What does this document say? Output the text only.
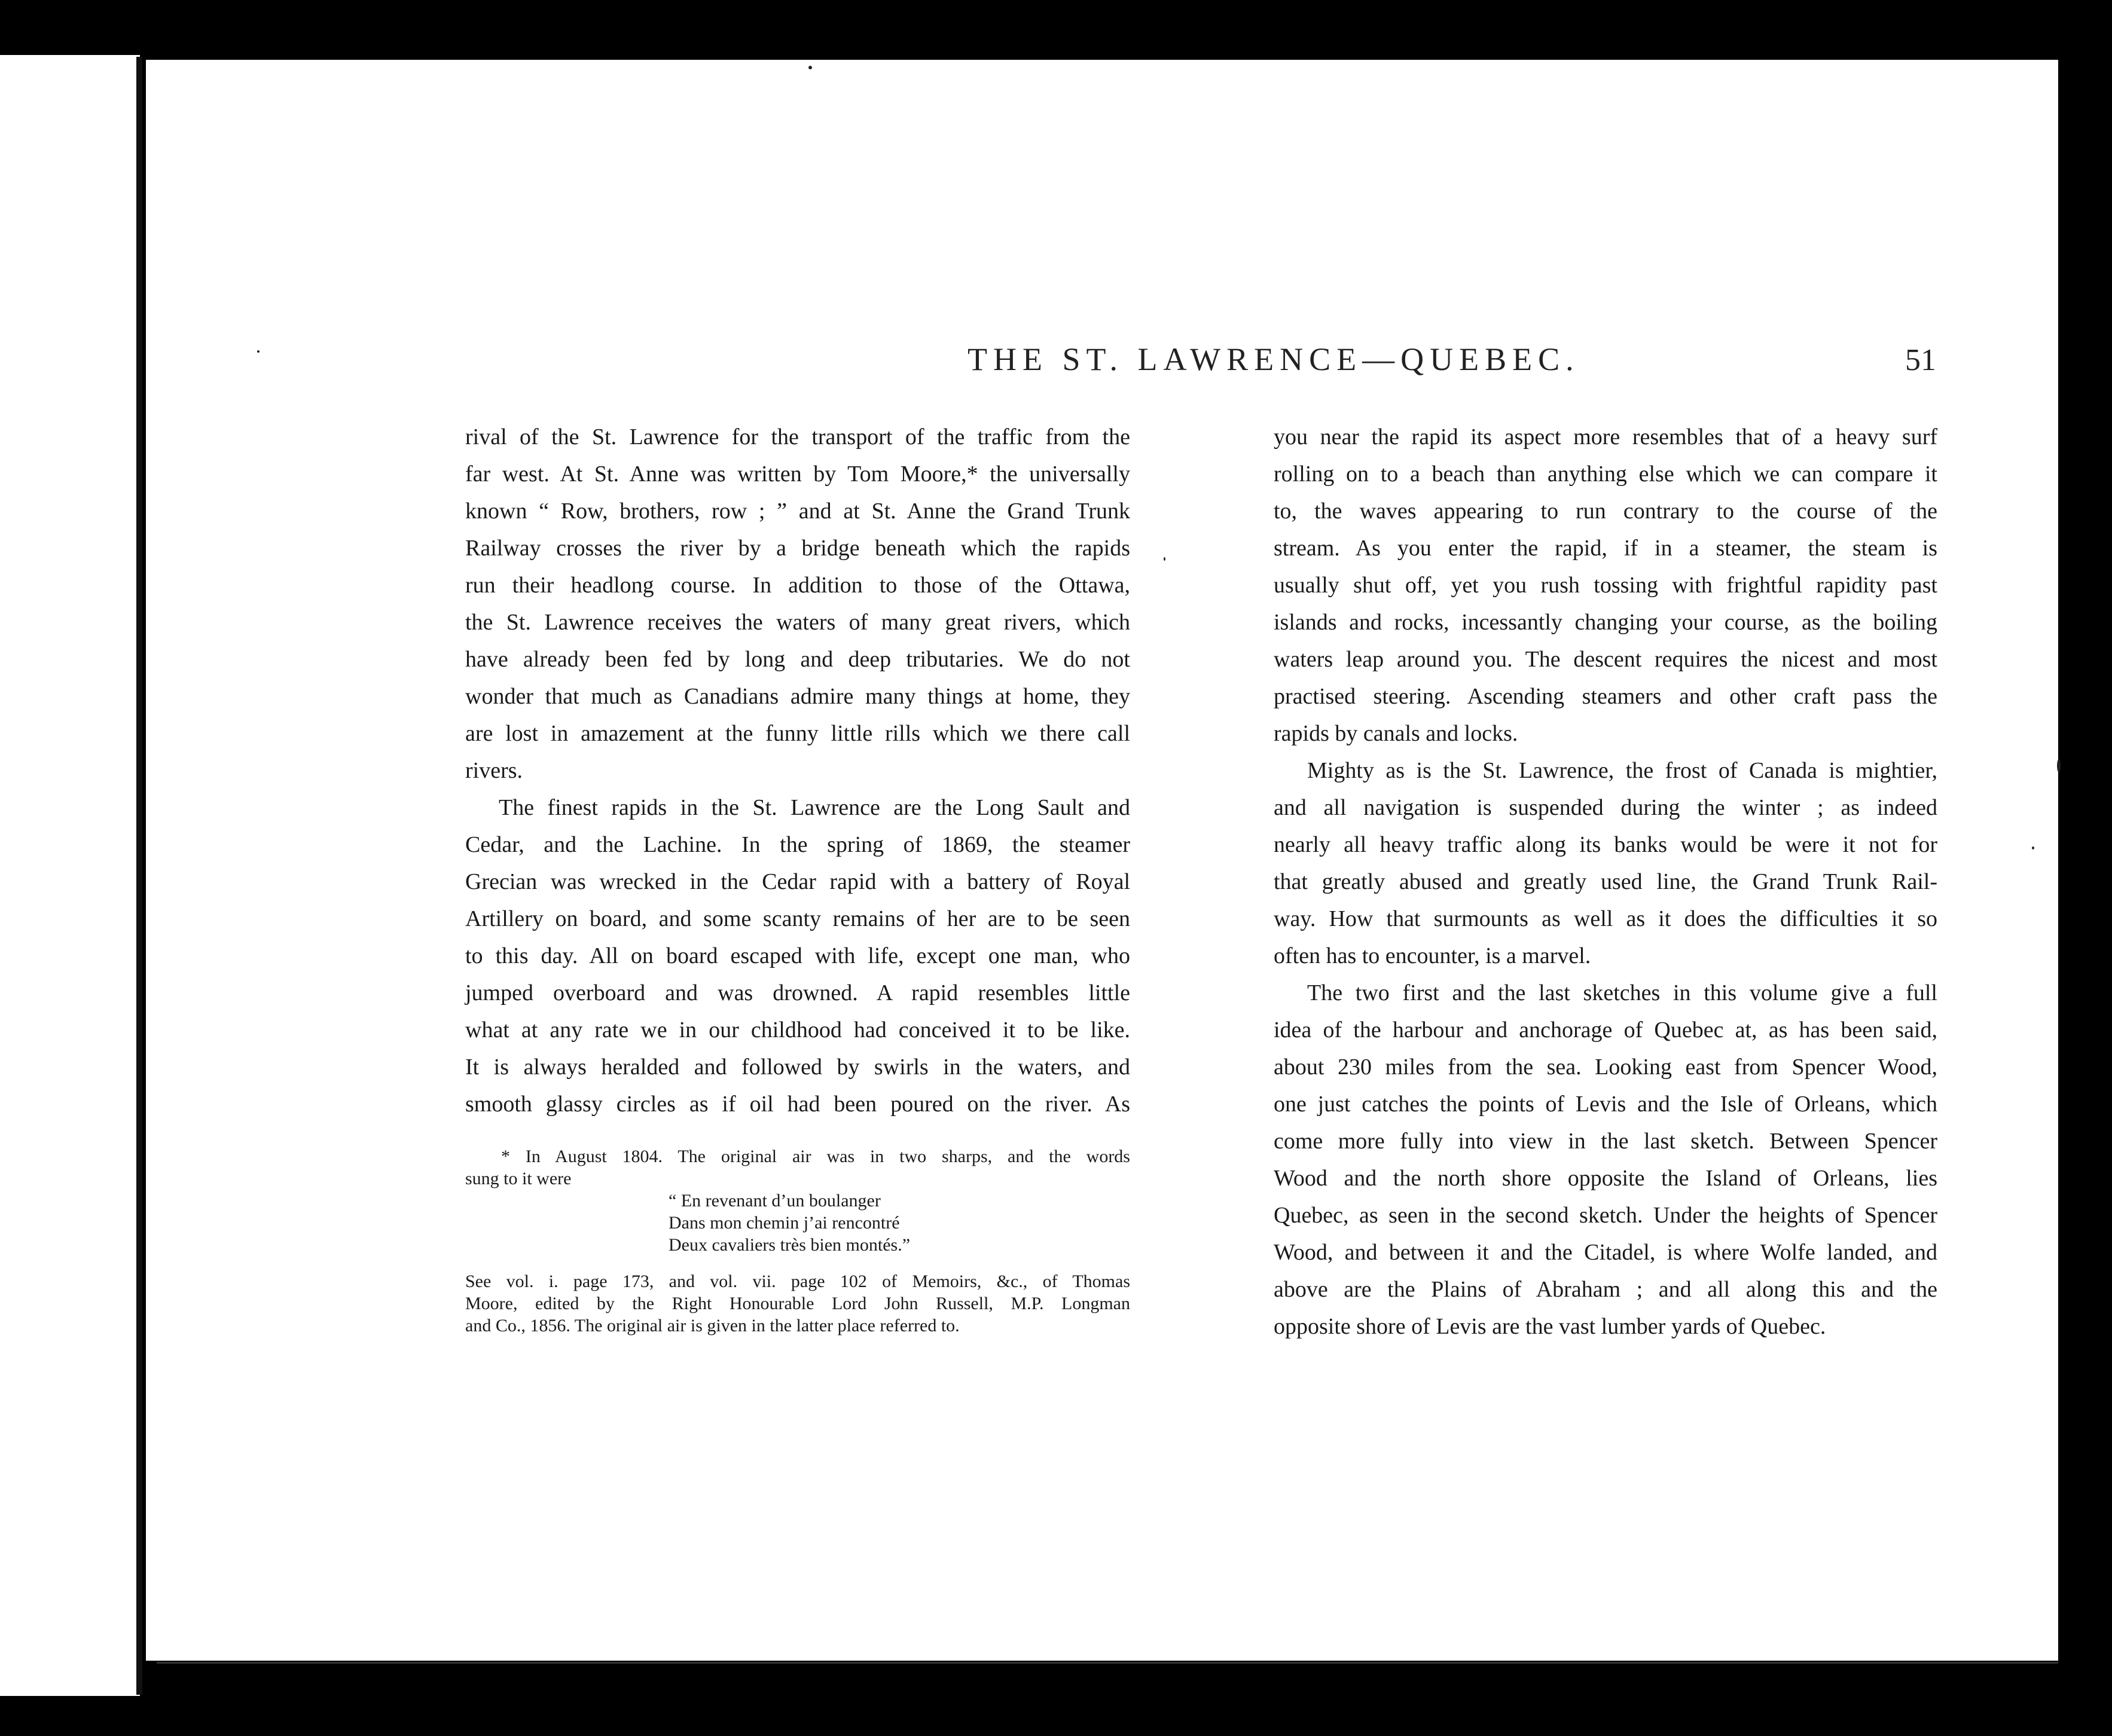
THE ST. LAWRENCE—QUEBEC.	51
rival of the St. Lawrence for the transport of the traffic from the
far west. At St. Anne was written by Tom Moore,* the universally
known “ Row, brothers, row ; ” and at St. Anne the Grand Trunk
Railway crosses the river by a bridge beneath which the rapids
run their headlong course. In addition to those of the Ottawa,
the St. Lawrence receives the waters of many great rivers, which
have already been fed by long and deep tributaries. We do not
wonder that much as Canadians admire many things at home, they
are lost in amazement at the funny little rills which we there call
rivers.
The finest rapids in the St. Lawrence are the Long Sault and
Cedar, and the Lachine. In the spring of 1869, the steamer
Grecian was wrecked in the Cedar rapid with a battery of Royal
Artillery on board, and some scanty remains of her are to be seen
to this day. All on board escaped with life, except one man, who
jumped overboard and was drowned. A rapid resembles little
what at any rate we in our childhood had conceived it to be like.
It is always heralded and followed by swirls in the waters, and
smooth glassy circles as if oil had been poured on the river. As
* In August 1804. The original air was in two sharps, and the words
sung to it were
“ En revenant d’un boulanger
Dans mon chemin j’ai rencontré
Deux cavaliers très bien montés.”
See vol. i. page 173, and vol. vii. page 102 of Memoirs, &c., of Thomas
Moore, edited by the Right Honourable Lord John Russell, M.P. Longman
and Co., 1856. The original air is given in the latter place referred to.
you near the rapid its aspect more resembles that of a heavy surf
rolling on to a beach than anything else which we can compare it
to, the waves appearing to run contrary to the course of the
stream. As you enter the rapid, if in a steamer, the steam is
usually shut off, yet you rush tossing with frightful rapidity past
islands and rocks, incessantly changing your course, as the boiling
waters leap around you. The descent requires the nicest and most
practised steering. Ascending steamers and other craft pass the
rapids by canals and locks.
Mighty as is the St. Lawrence, the frost of Canada is mightier,
and all navigation is suspended during the winter ; as indeed
nearly all heavy traffic along its banks would be were it not for
that greatly abused and greatly used line, the Grand Trunk Rail-
way. How that surmounts as well as it does the difficulties it so
often has to encounter, is a marvel.
The two first and the last sketches in this volume give a full
idea of the harbour and anchorage of Quebec at, as has been said,
about 230 miles from the sea. Looking east from Spencer Wood,
one just catches the points of Levis and the Isle of Orleans, which
come more fully into view in the last sketch. Between Spencer
Wood and the north shore opposite the Island of Orleans, lies
Quebec, as seen in the second sketch. Under the heights of Spencer
Wood, and between it and the Citadel, is where Wolfe landed, and
above are the Plains of Abraham ; and all along this and the
opposite shore of Levis are the vast lumber yards of Quebec.
